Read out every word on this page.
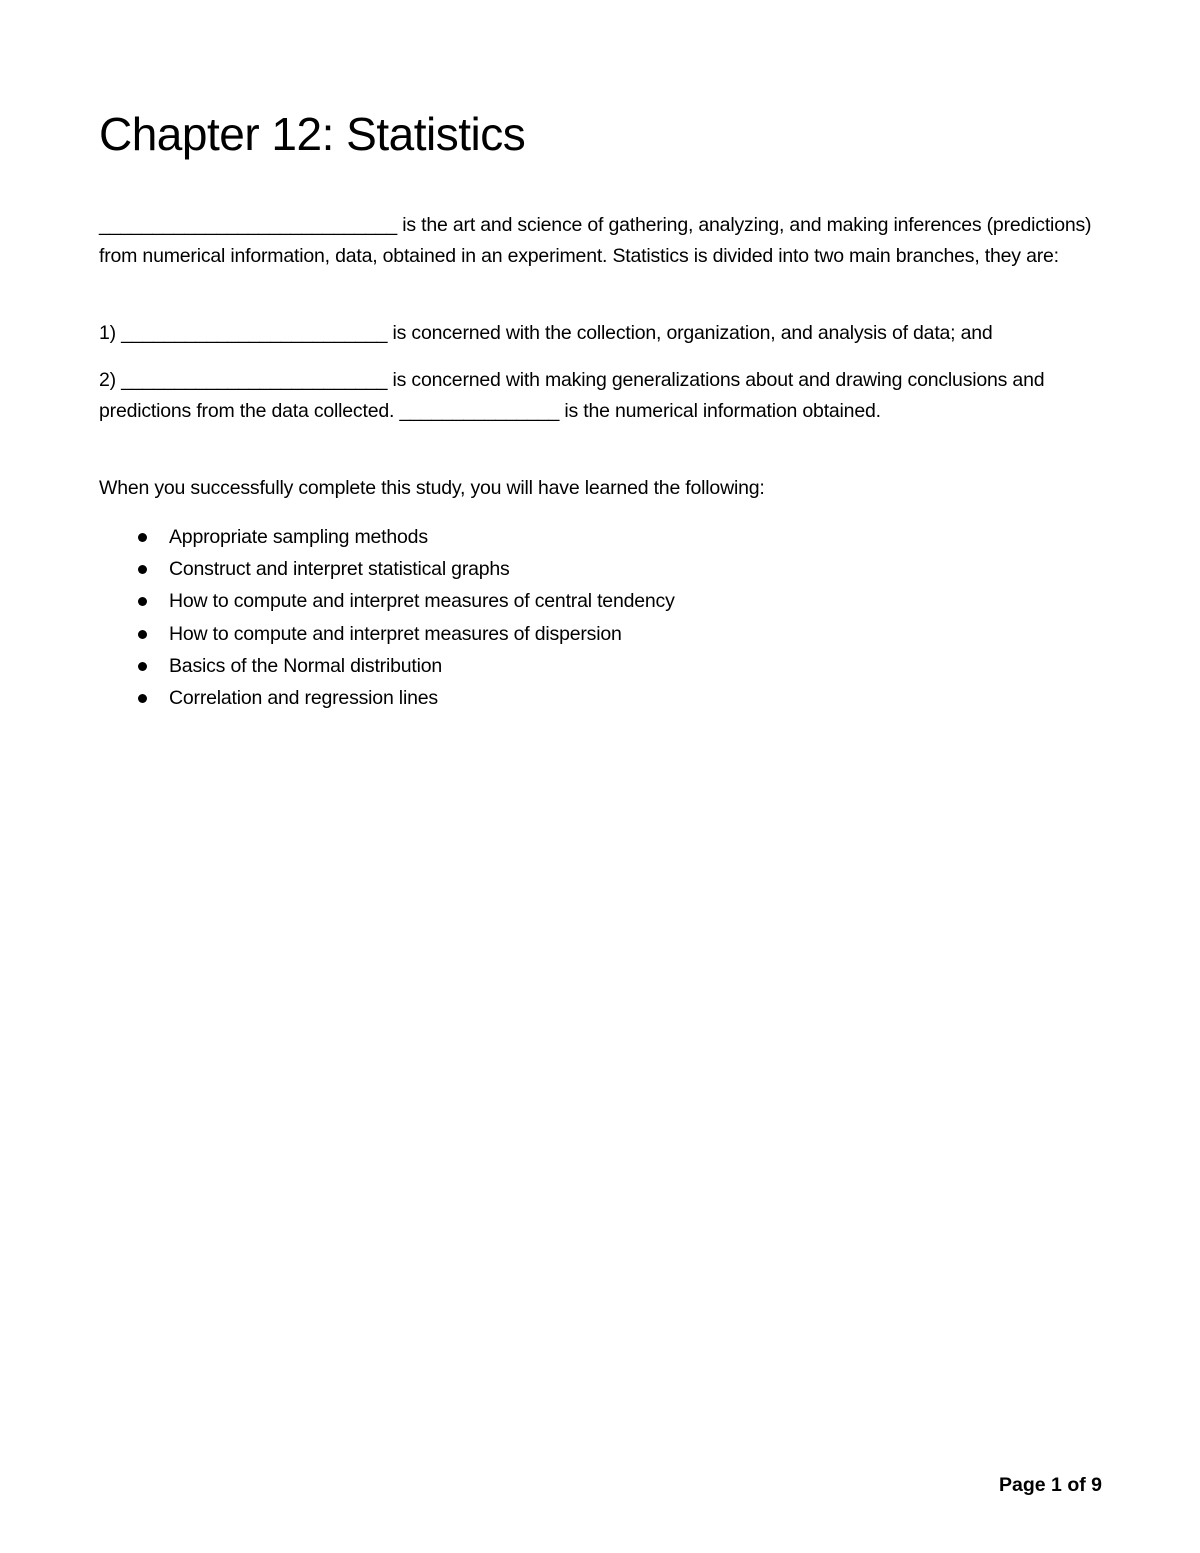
Chapter 12: Statistics

____________________________ is the art and science of gathering, analyzing, and making inferences (predictions) from numerical information, data, obtained in an experiment. Statistics is divided into two main branches, they are:

1) _________________________ is concerned with the collection, organization, and analysis of data; and

2) _________________________ is concerned with making generalizations about and drawing conclusions and predictions from the data collected. _______________ is the numerical information obtained.

When you successfully complete this study, you will have learned the following:

Appropriate sampling methods
Construct and interpret statistical graphs
How to compute and interpret measures of central tendency
How to compute and interpret measures of dispersion
Basics of the Normal distribution
Correlation and regression lines
Page 1 of 9
